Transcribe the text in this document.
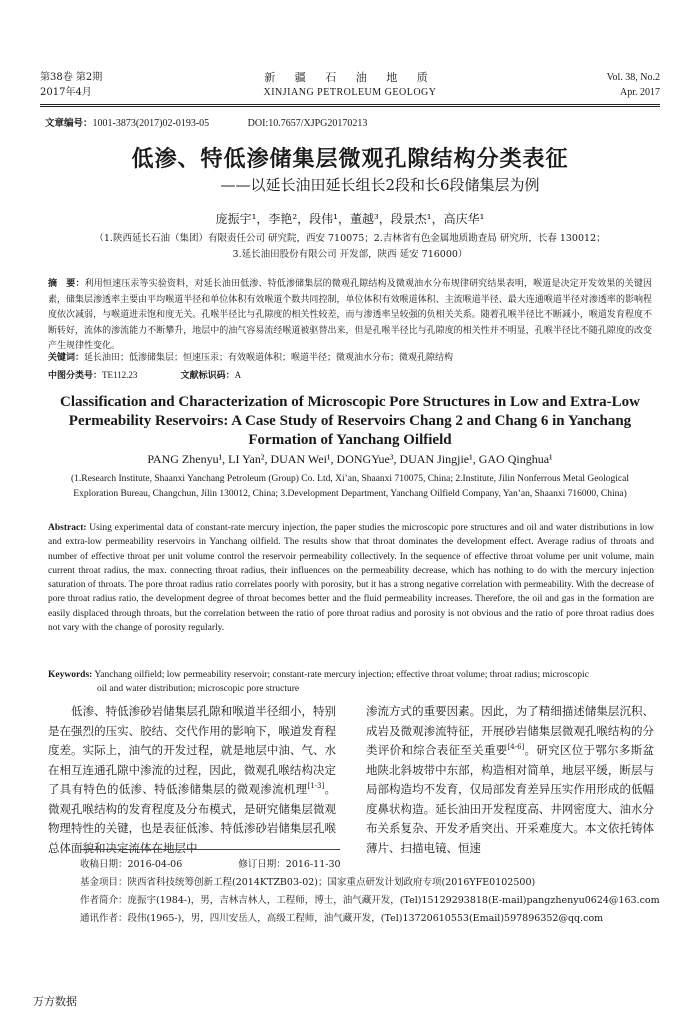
第38卷 第2期
2017年4月
新 疆 石 油 地 质
XINJIANG PETROLEUM GEOLOGY
Vol. 38, No.2
Apr. 2017
文章编号：1001-3873(2017)02-0193-05	DOI:10.7657/XJPG20170213
低渗、特低渗储集层微观孔隙结构分类表征
——以延长油田延长组长2段和长6段储集层为例
庞振宇¹，李艳²，段伟¹，董越³，段景杰¹，高庆华¹
（1.陕西延长石油（集团）有限责任公司 研究院，西安 710075；2.吉林省有色金属地质勘查局 研究所，长春 130012；
3.延长油田股份有限公司 开发部，陕西 延安 716000）
摘　要：利用恒速压汞等实验资料，对延长油田低渗、特低渗储集层的微观孔隙结构及微观油水分布规律研究结果表明，喉道是决定开发效果的关键因素，储集层渗透率主要由平均喉道半径和单位体积有效喉道个数共同控制，单位体积有效喉道体积、主流喉道半径、最大连通喉道半径对渗透率的影响程度依次减弱，与喉道进汞饱和度无关。孔喉半径比与孔隙度的相关性较差，而与渗透率呈较强的负相关关系。随着孔喉半径比不断减小，喉道发育程度不断转好，流体的渗流能力不断攀升，地层中的油气容易流经喉道被驱替出来，但是孔喉半径比与孔隙度的相关性并不明显，孔喉半径比不随孔隙度的改变产生规律性变化。
关键词：延长油田；低渗储集层；恒速压汞；有效喉道体积；喉道半径；微观油水分布；微观孔隙结构
中图分类号：TE112.23	文献标识码：A
Classification and Characterization of Microscopic Pore Structures in Low and Extra-Low Permeability Reservoirs: A Case Study of Reservoirs Chang 2 and Chang 6 in Yanchang Formation of Yanchang Oilfield
PANG Zhenyu¹, LI Yan², DUAN Wei¹, DONGYue³, DUAN Jingjie¹, GAO Qinghua¹
(1.Research Institute, Shaanxi Yanchang Petroleum (Group) Co. Ltd, Xi’an, Shaanxi 710075, China; 2.Institute, Jilin Nonferrous Metal Geological Exploration Bureau, Changchun, Jilin 130012, China; 3.Development Department, Yanchang Oilfield Company, Yan’an, Shaanxi 716000, China)
Abstract: Using experimental data of constant-rate mercury injection, the paper studies the microscopic pore structures and oil and water distributions in low and extra-low permeability reservoirs in Yanchang oilfield. The results show that throat dominates the development effect. Average radius of throats and number of effective throat per unit volume control the reservoir permeability collectively. In the sequence of effective throat volume per unit volume, main current throat radius, the max. connecting throat radius, their influences on the permeability decrease, which has nothing to do with the mercury injection saturation of throats. The pore throat radius ratio correlates poorly with porosity, but it has a strong negative correlation with permeability. With the decrease of pore throat radius ratio, the development degree of throat becomes better and the fluid permeability increases. Therefore, the oil and gas in the formation are easily displaced through throats, but the correlation between the ratio of pore throat radius and porosity is not obvious and the ratio of pore throat radius does not vary with the change of porosity regularly.
Keywords: Yanchang oilfield; low permeability reservoir; constant-rate mercury injection; effective throat volume; throat radius; microscopic
oil and water distribution; microscopic pore structure
低渗、特低渗砂岩储集层孔隙和喉道半径细小，特别是在强烈的压实、胶结、交代作用的影响下，喉道发育程度差。实际上，油气的开发过程，就是地层中油、气、水在相互连通孔隙中渗流的过程，因此，微观孔喉结构决定了具有特色的低渗、特低渗储集层的微观渗流机理[1-3]。微观孔喉结构的发育程度及分布模式，是研究储集层微观物理特性的关键，也是表征低渗、特低渗砂岩储集层孔喉总体面貌和决定流体在地层中
渗流方式的重要因素。因此，为了精细描述储集层沉积、成岩及微观渗流特征，开展砂岩储集层微观孔喉结构的分类评价和综合表征至关重要[4-6]。研究区位于鄂尔多斯盆地陕北斜坡带中东部，构造相对简单，地层平缓，断层与局部构造均不发育，仅局部发育差异压实作用形成的低幅度鼻状构造。延长油田开发程度高、井网密度大、油水分布关系复杂、开发矛盾突出、开采难度大。本文依托铸体薄片、扫描电镜、恒速
收稿日期：2016-04-06	修订日期：2016-11-30
基金项目：陕西省科技统筹创新工程(2014KTZB03-02)；国家重点研发计划政府专项(2016YFE0102500)
作者简介：庞振宇(1984-)，男，吉林吉林人，工程师，博士，油气藏开发，(Tel)15129293818(E-mail)pangzhenyu0624@163.com
通讯作者：段伟(1965-)，男，四川安岳人，高级工程师，油气藏开发，(Tel)13720610553(Email)597896352@qq.com
万方数据
